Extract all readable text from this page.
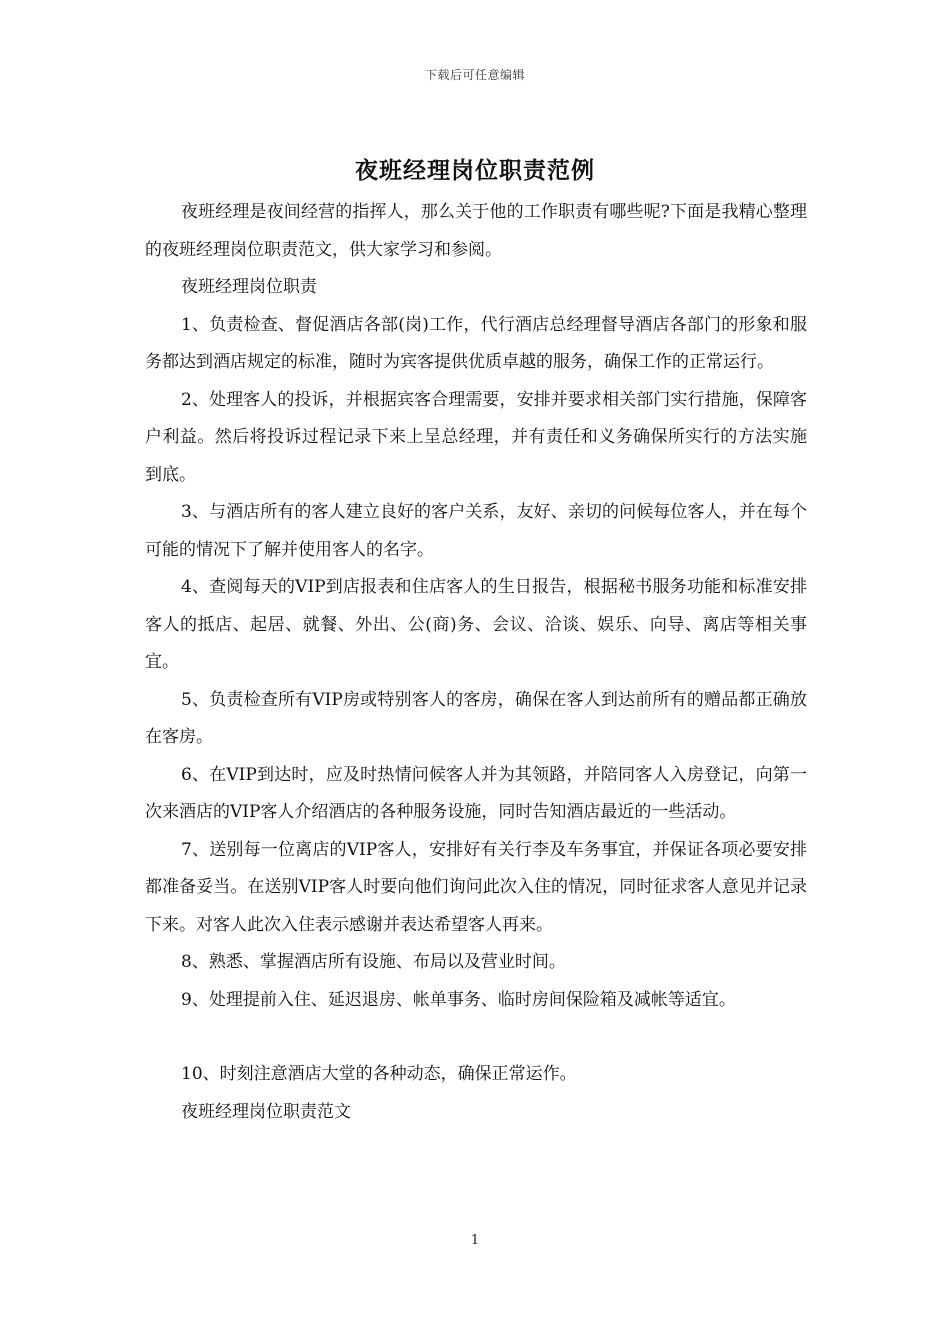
下载后可任意编辑
夜班经理岗位职责范例

夜班经理是夜间经营的指挥人，那么关于他的工作职责有哪些呢?下面是我精心整理的夜班经理岗位职责范文，供大家学习和参阅。

夜班经理岗位职责

1、负责检查、督促酒店各部(岗)工作，代行酒店总经理督导酒店各部门的形象和服务都达到酒店规定的标准，随时为宾客提供优质卓越的服务，确保工作的正常运行。

2、处理客人的投诉，并根据宾客合理需要，安排并要求相关部门实行措施，保障客户利益。然后将投诉过程记录下来上呈总经理，并有责任和义务确保所实行的方法实施到底。

3、与酒店所有的客人建立良好的客户关系，友好、亲切的问候每位客人，并在每个可能的情况下了解并使用客人的名字。

4、查阅每天的VIP到店报表和住店客人的生日报告，根据秘书服务功能和标准安排客人的抵店、起居、就餐、外出、公(商)务、会议、洽谈、娱乐、向导、离店等相关事宜。

5、负责检查所有VIP房或特别客人的客房，确保在客人到达前所有的赠品都正确放在客房。

6、在VIP到达时，应及时热情问候客人并为其领路，并陪同客人入房登记，向第一次来酒店的VIP客人介绍酒店的各种服务设施，同时告知酒店最近的一些活动。

7、送别每一位离店的VIP客人，安排好有关行李及车务事宜，并保证各项必要安排都准备妥当。在送别VIP客人时要向他们询问此次入住的情况，同时征求客人意见并记录下来。对客人此次入住表示感谢并表达希望客人再来。

8、熟悉、掌握酒店所有设施、布局以及营业时间。

9、处理提前入住、延迟退房、帐单事务、临时房间保险箱及减帐等适宜。

10、时刻注意酒店大堂的各种动态，确保正常运作。

夜班经理岗位职责范文

1
